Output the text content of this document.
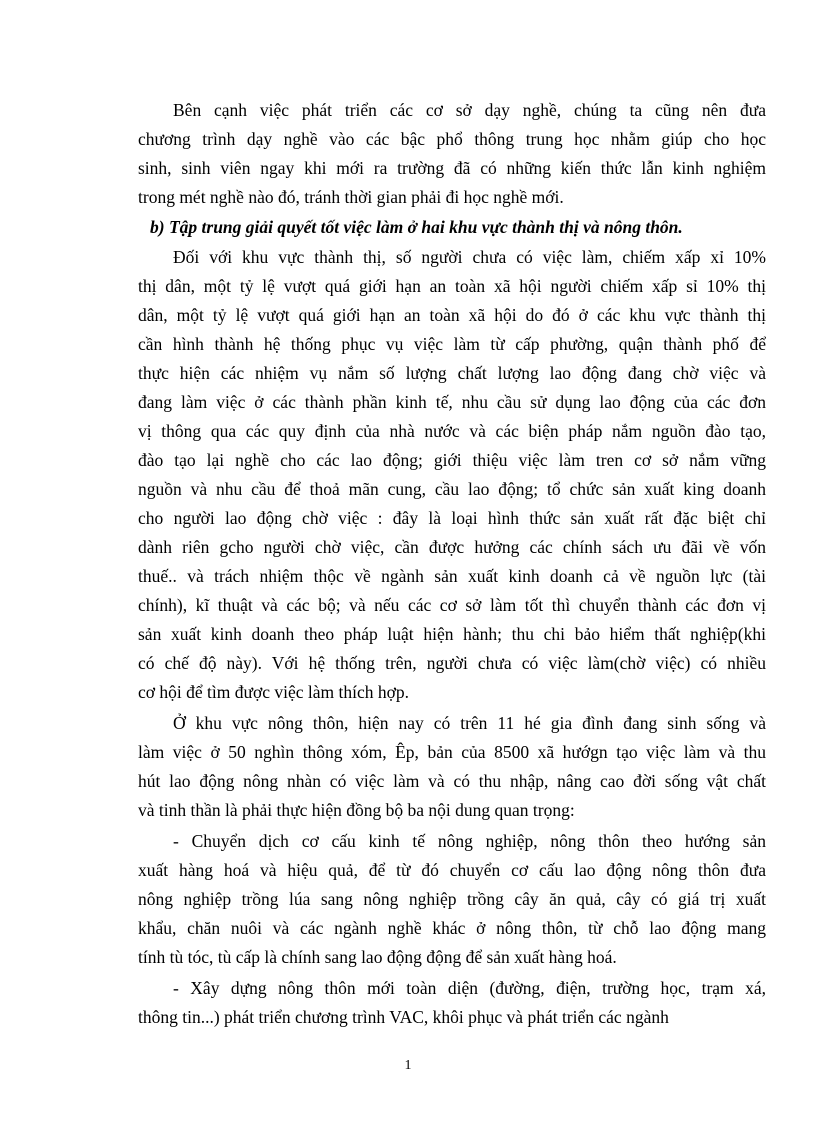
Bên cạnh việc phát triển các cơ sở dạy nghề, chúng ta cũng nên đưa
chương trình dạy nghề vào các bậc phổ thông trung học nhằm giúp cho học
sinh, sinh viên ngay khi mới ra trường đã có những kiến thức lẫn kinh nghiệm
trong mét nghề nào đó, tránh thời gian phải đi học nghề mới.
b) Tập trung giải quyết tốt việc làm ở hai khu vực thành thị và nông thôn.
Đối với khu vực thành thị, số người chưa có việc làm, chiếm xấp xỉ 10%
thị dân, một tỷ lệ vượt quá giới hạn an toàn xã hội người chiếm xấp sỉ 10% thị
dân, một tỷ lệ vượt quá giới hạn an toàn xã hội do đó ở các khu vực thành thị
cần hình thành hệ thống phục vụ việc làm từ cấp phường, quận thành phố để
thực hiện các nhiệm vụ nắm số lượng chất lượng lao động đang chờ việc và
đang làm việc ở các thành phần kinh tế, nhu cầu sử dụng lao động của các đơn
vị thông qua các quy định của nhà nước và các biện pháp nắm nguồn đào tạo,
đào tạo lại nghề cho các lao động; giới thiệu việc làm tren cơ sở nắm vững
nguồn và nhu cầu để thoả mãn cung, cầu lao động; tổ chức sản xuất king doanh
cho người lao động chờ việc : đây là loại hình thức sản xuất rất đặc biệt chỉ
dành riên gcho người chờ việc, cần được hưởng các chính sách ưu đãi về vốn
thuế.. và trách nhiệm thộc về ngành sản xuất kinh doanh cả về nguồn lực (tài
chính), kĩ thuật và các bộ; và nếu các cơ sở làm tốt thì chuyển thành các đơn vị
sản xuất kinh doanh theo pháp luật hiện hành; thu chi bảo hiểm thất nghiệp(khi
có chế độ này). Với hệ thống trên, người chưa có việc làm(chờ việc) có nhiều
cơ hội để tìm được việc làm thích hợp.
Ở khu vực nông thôn, hiện nay có trên 11 hé gia đình đang sinh sống và
làm việc ở 50 nghìn thông xóm, Êp, bản của 8500 xã hướgn tạo việc làm và thu
hút lao động nông nhàn có việc làm và có thu nhập, nâng cao đời sống vật chất
và tinh thần là phải thực hiện đồng bộ ba nội dung quan trọng:
- Chuyển dịch cơ cấu kinh tế nông nghiệp, nông thôn theo hướng sản
xuất hàng hoá và hiệu quả, để từ đó chuyển cơ cấu lao động nông thôn đưa
nông nghiệp trồng lúa sang nông nghiệp trồng cây ăn quả, cây có giá trị xuất
khẩu, chăn nuôi và các ngành nghề khác ở nông thôn, từ chỗ lao động mang
tính tù tóc, tù cấp là chính sang lao động động để sản xuất hàng hoá.
- Xây dựng nông thôn mới toàn diện (đường, điện, trường học, trạm xá,
thông tin...) phát triển chương trình VAC, khôi phục và phát triển các ngành
1
